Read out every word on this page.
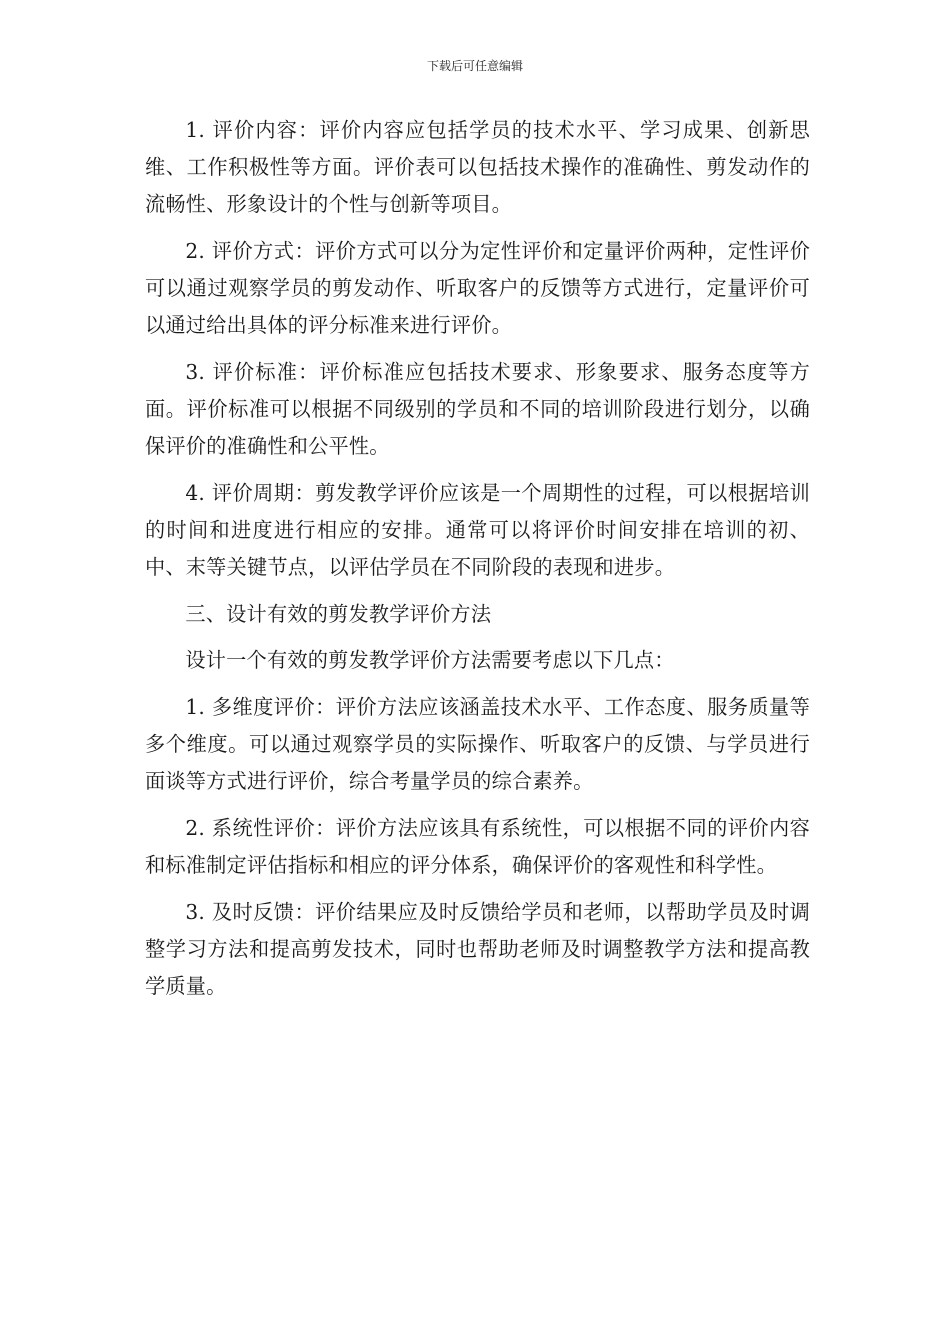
下载后可任意编辑

1. 评价内容：评价内容应包括学员的技术水平、学习成果、创新思维、工作积极性等方面。评价表可以包括技术操作的准确性、剪发动作的流畅性、形象设计的个性与创新等项目。

2. 评价方式：评价方式可以分为定性评价和定量评价两种，定性评价可以通过观察学员的剪发动作、听取客户的反馈等方式进行，定量评价可以通过给出具体的评分标准来进行评价。

3. 评价标准：评价标准应包括技术要求、形象要求、服务态度等方面。评价标准可以根据不同级别的学员和不同的培训阶段进行划分，以确保评价的准确性和公平性。

4. 评价周期：剪发教学评价应该是一个周期性的过程，可以根据培训的时间和进度进行相应的安排。通常可以将评价时间安排在培训的初、中、末等关键节点，以评估学员在不同阶段的表现和进步。

三、设计有效的剪发教学评价方法

设计一个有效的剪发教学评价方法需要考虑以下几点：

1. 多维度评价：评价方法应该涵盖技术水平、工作态度、服务质量等多个维度。可以通过观察学员的实际操作、听取客户的反馈、与学员进行面谈等方式进行评价，综合考量学员的综合素养。

2. 系统性评价：评价方法应该具有系统性，可以根据不同的评价内容和标准制定评估指标和相应的评分体系，确保评价的客观性和科学性。

3. 及时反馈：评价结果应及时反馈给学员和老师，以帮助学员及时调整学习方法和提高剪发技术，同时也帮助老师及时调整教学方法和提高教学质量。
